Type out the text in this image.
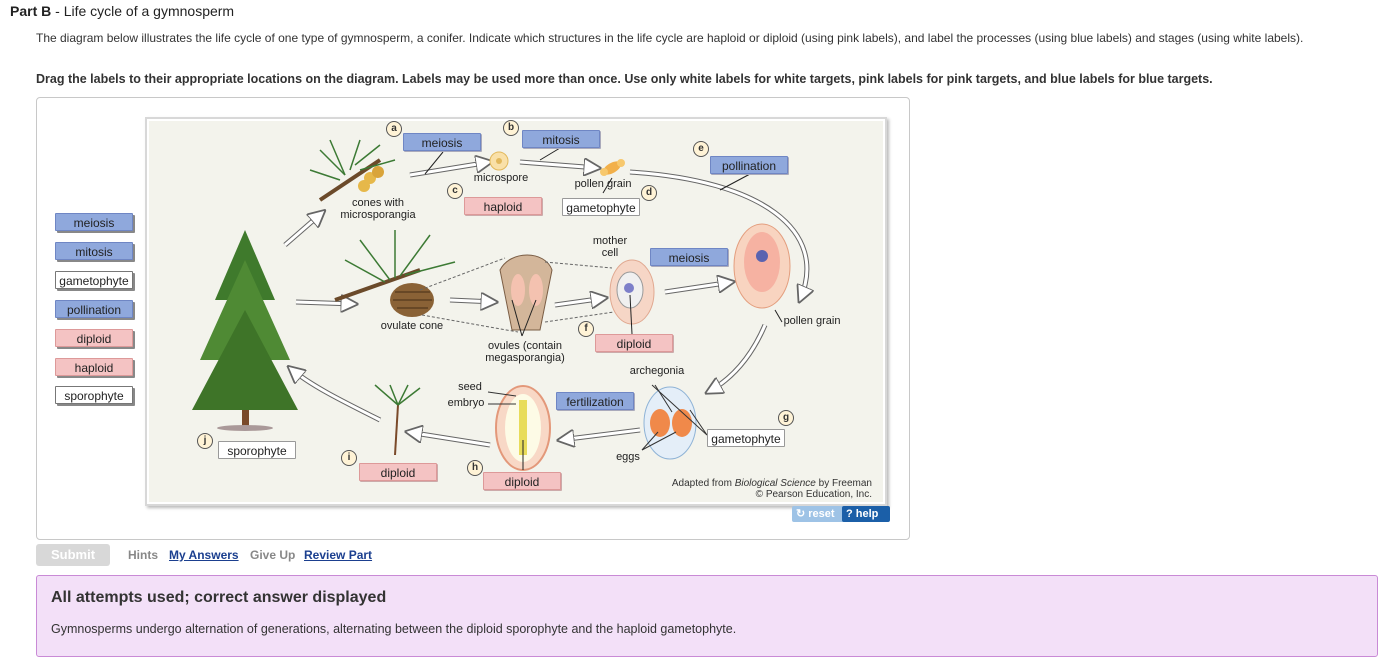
Part B - Life cycle of a gymnosperm
The diagram below illustrates the life cycle of one type of gymnosperm, a conifer. Indicate which structures in the life cycle are haploid or diploid (using pink labels), and label the processes (using blue labels) and stages (using white labels).
Drag the labels to their appropriate locations on the diagram. Labels may be used more than once. Use only white labels for white targets, pink labels for pink targets, and blue labels for blue targets.
meiosis
mitosis
gametophyte
pollination
diploid
haploid
sporophyte
cones with
microsporangia
microspore	pollen grain
mother
cell
ovulate cone
ovules (contain
megasporangia)
pollen grain
archegonia
seed
embryo
eggs
meiosis	mitosis
haploid	gametophyte
pollination
meiosis
diploid
fertilization
gametophyte
diploid
diploid
sporophyte
a	b
c	d
e
f
g
h
i
j
Adapted from Biological Science by Freeman
© Pearson Education, Inc.
↻ reset	? help
Submit	Hints My Answers Give Up Review Part
All attempts used; correct answer displayed
Gymnosperms undergo alternation of generations, alternating between the diploid sporophyte and the haploid gametophyte.
